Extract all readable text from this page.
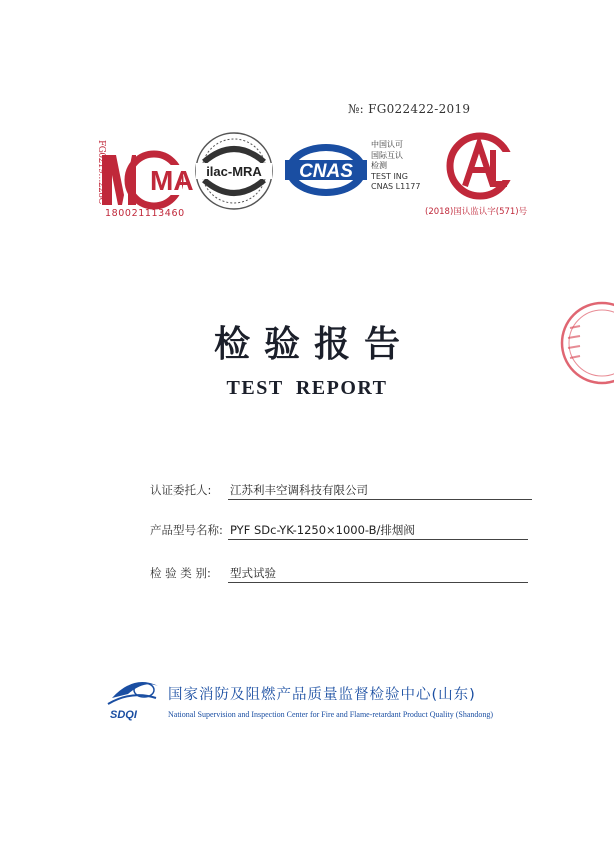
№: FG022422-2019
MA
FG0219…228C
180021113460
ilac-MRA CNAS
中国认可
国际互认
检测
TEST ING
CNAS L1177
(2018)国认监认字(571)号
检验报告
TEST REPORT
认证委托人: 江苏利丰空调科技有限公司
产品型号名称: PYF SDc-YK-1250×1000-B/排烟阀
检 验 类 别: 型式试验
SDQI
国家消防及阻燃产品质量监督检验中心(山东)
National Supervision and Inspection Center for Fire and Flame-retardant Product Quality (Shandong)
